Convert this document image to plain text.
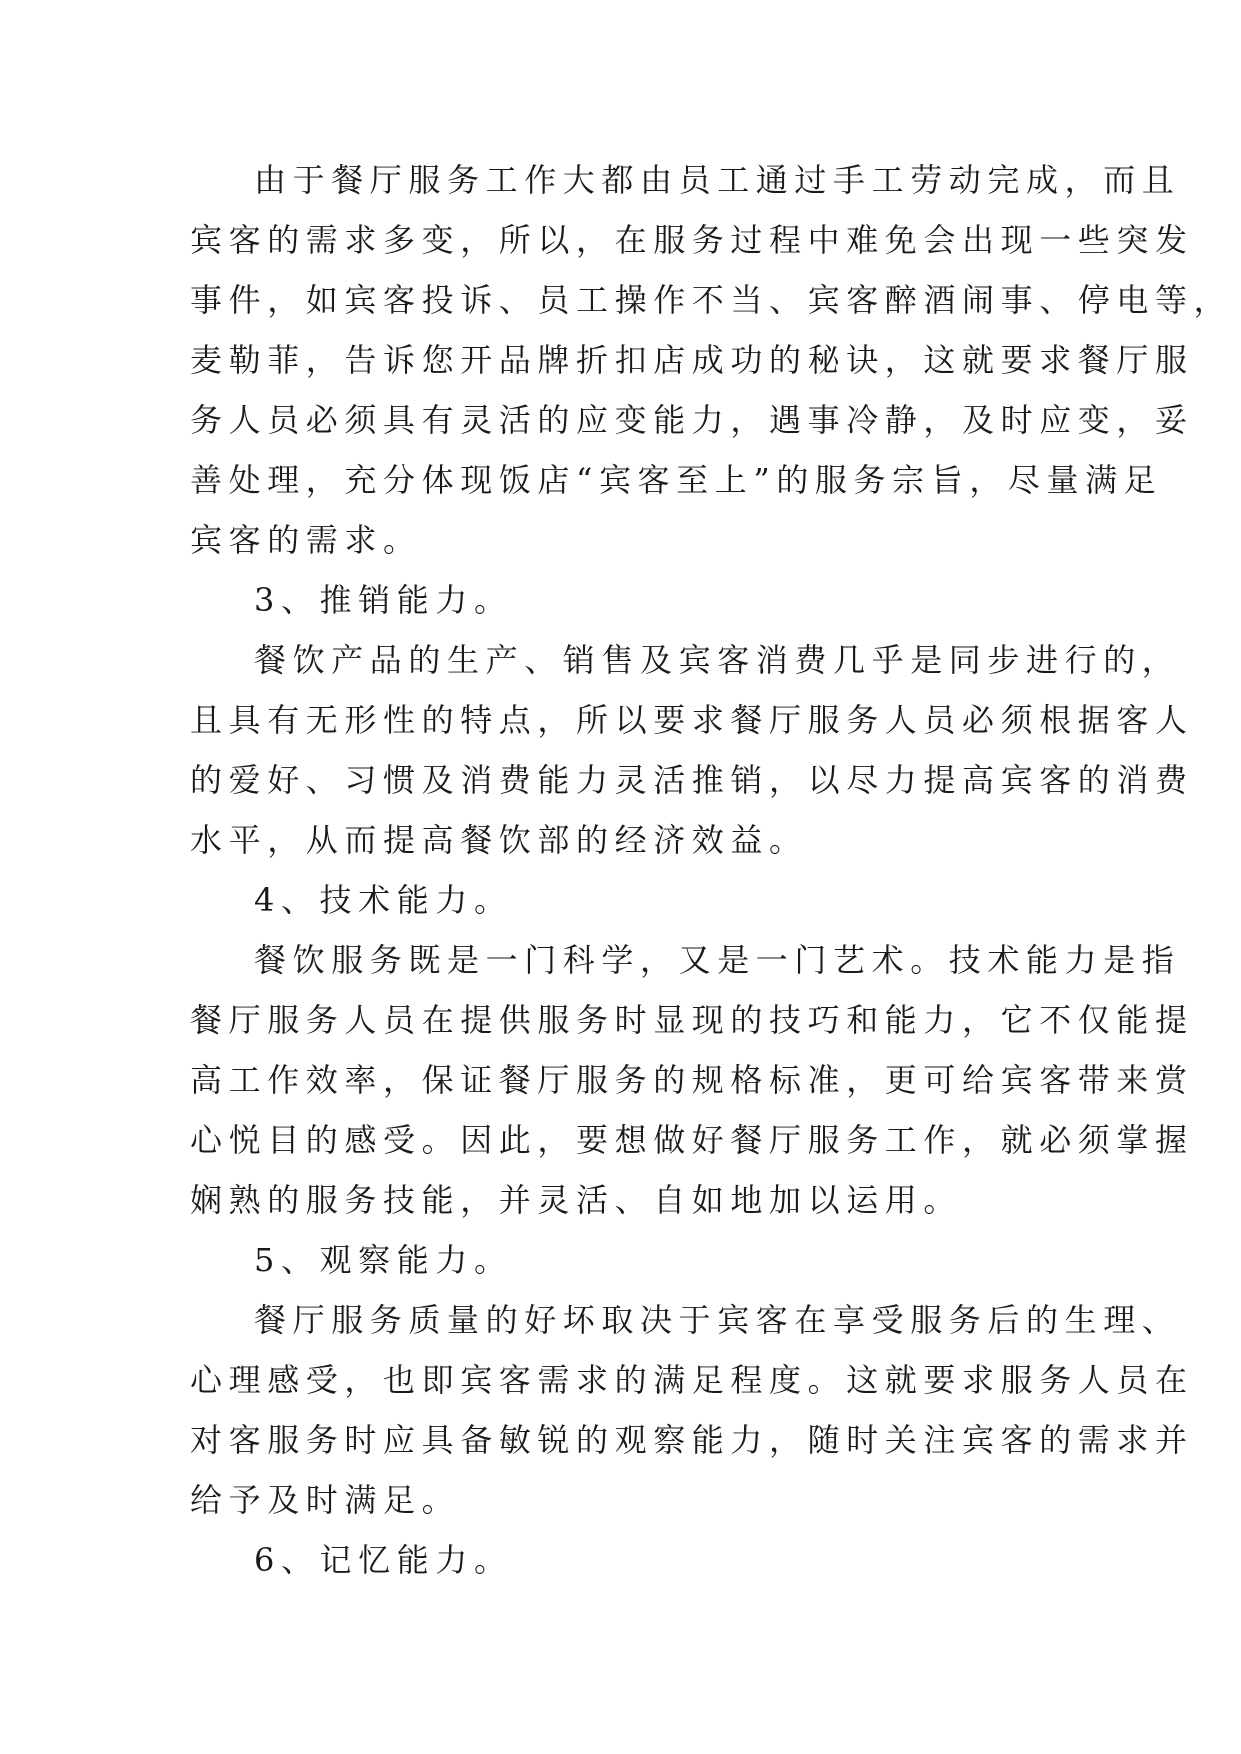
由于餐厅服务工作大都由员工通过手工劳动完成，而且
宾客的需求多变，所以，在服务过程中难免会出现一些突发
事件，如宾客投诉、员工操作不当、宾客醉酒闹事、停电等，
麦勒菲，告诉您开品牌折扣店成功的秘诀，这就要求餐厅服
务人员必须具有灵活的应变能力，遇事冷静，及时应变，妥
善处理，充分体现饭店“宾客至上”的服务宗旨，尽量满足
宾客的需求。
3、推销能力。
餐饮产品的生产、销售及宾客消费几乎是同步进行的，
且具有无形性的特点，所以要求餐厅服务人员必须根据客人
的爱好、习惯及消费能力灵活推销，以尽力提高宾客的消费
水平，从而提高餐饮部的经济效益。
4、技术能力。
餐饮服务既是一门科学，又是一门艺术。技术能力是指
餐厅服务人员在提供服务时显现的技巧和能力，它不仅能提
高工作效率，保证餐厅服务的规格标准，更可给宾客带来赏
心悦目的感受。因此，要想做好餐厅服务工作，就必须掌握
娴熟的服务技能，并灵活、自如地加以运用。
5、观察能力。
餐厅服务质量的好坏取决于宾客在享受服务后的生理、
心理感受，也即宾客需求的满足程度。这就要求服务人员在
对客服务时应具备敏锐的观察能力，随时关注宾客的需求并
给予及时满足。
6、记忆能力。
